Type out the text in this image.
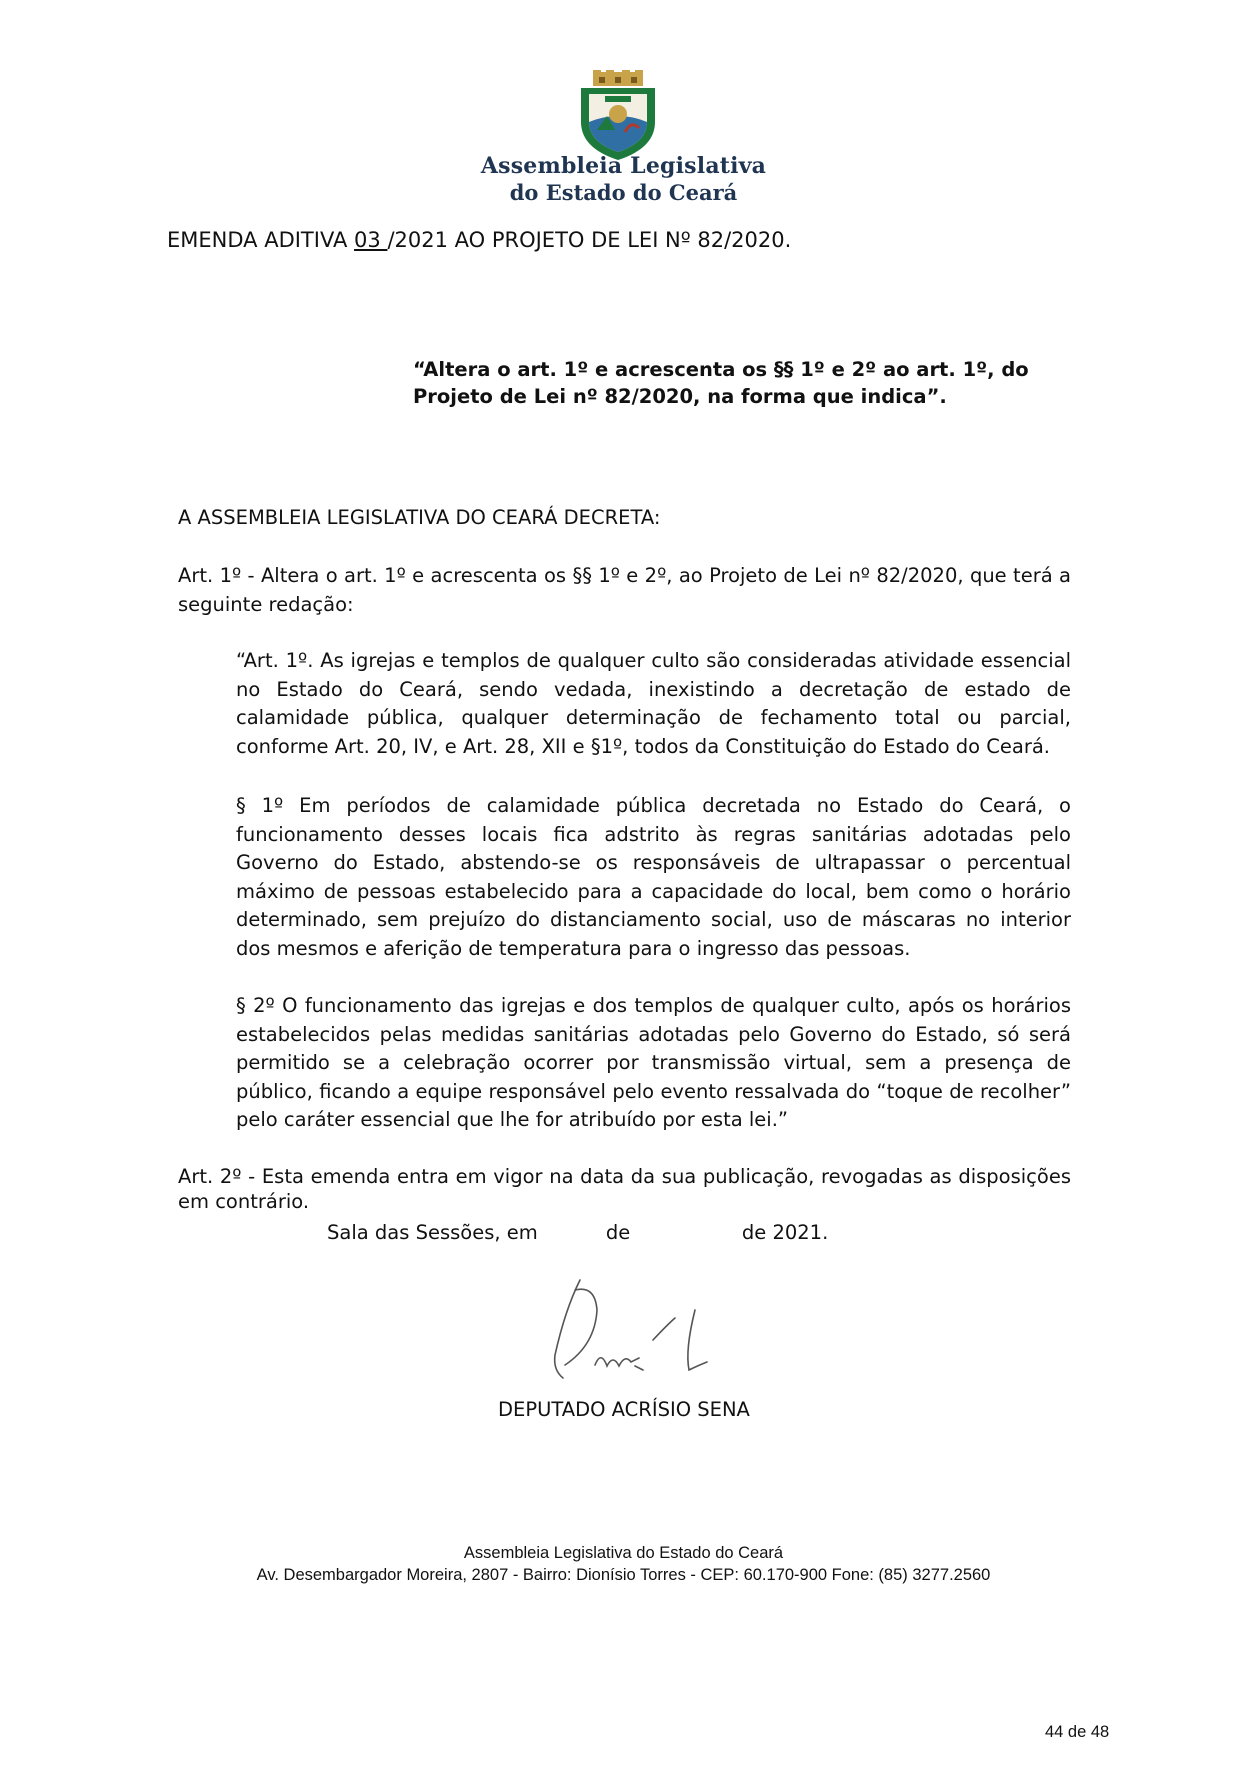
Assembleia Legislativa
do Estado do Ceará
EMENDA ADITIVA 03 /2021 AO PROJETO DE LEI Nº 82/2020.
“Altera o art. 1º e acrescenta os §§ 1º e 2º ao art. 1º, do Projeto de Lei nº 82/2020, na forma que indica”.
A ASSEMBLEIA LEGISLATIVA DO CEARÁ DECRETA:
Art. 1º - Altera o art. 1º e acrescenta os §§ 1º e 2º, ao Projeto de Lei nº 82/2020, que terá a seguinte redação:
“Art. 1º. As igrejas e templos de qualquer culto são consideradas atividade essencial no Estado do Ceará, sendo vedada, inexistindo a decretação de estado de calamidade pública, qualquer determinação de fechamento total ou parcial, conforme Art. 20, IV, e Art. 28, XII e §1º, todos da Constituição do Estado do Ceará.
§ 1º Em períodos de calamidade pública decretada no Estado do Ceará, o funcionamento desses locais fica adstrito às regras sanitárias adotadas pelo Governo do Estado, abstendo-se os responsáveis de ultrapassar o percentual máximo de pessoas estabelecido para a capacidade do local, bem como o horário determinado, sem prejuízo do distanciamento social, uso de máscaras no interior dos mesmos e aferição de temperatura para o ingresso das pessoas.
§ 2º O funcionamento das igrejas e dos templos de qualquer culto, após os horários estabelecidos pelas medidas sanitárias adotadas pelo Governo do Estado, só será permitido se a celebração ocorrer por transmissão virtual, sem a presença de público, ficando a equipe responsável pelo evento ressalvada do “toque de recolher” pelo caráter essencial que lhe for atribuído por esta lei.”
Art. 2º - Esta emenda entra em vigor na data da sua publicação, revogadas as disposições em contrário.
Sala das Sessões, em           de                  de 2021.
DEPUTADO ACRÍSIO SENA
Assembleia Legislativa do Estado do Ceará
Av. Desembargador Moreira, 2807 - Bairro: Dionísio Torres - CEP: 60.170-900 Fone: (85) 3277.2560
44 de 48
